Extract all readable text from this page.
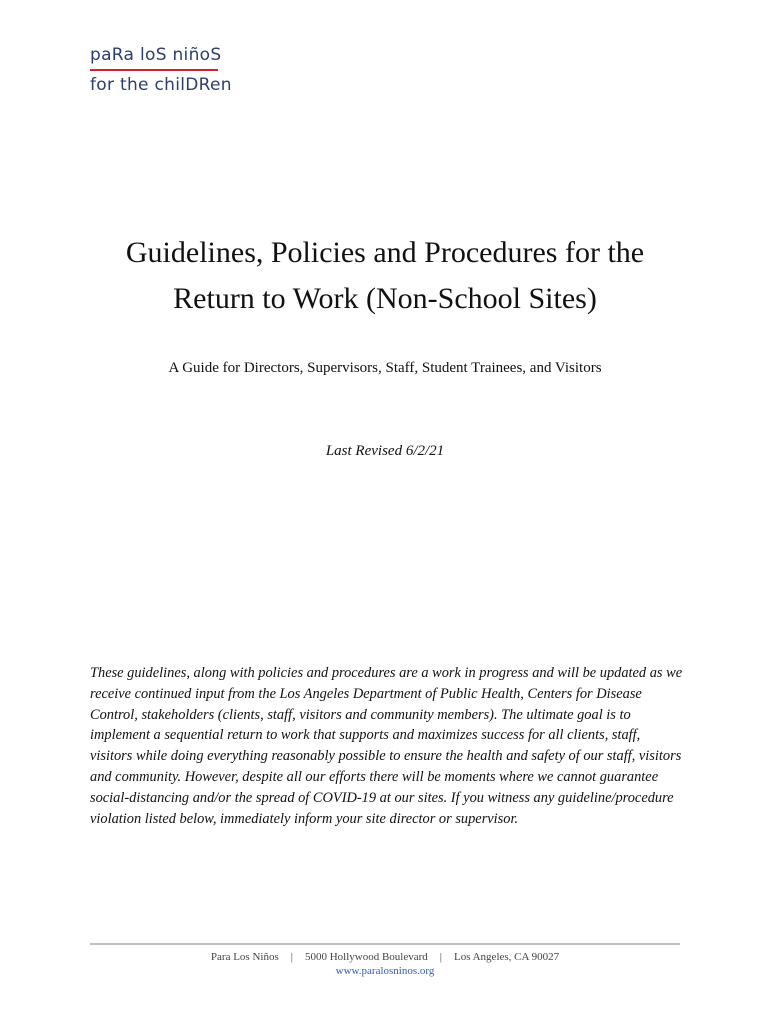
paRa loS niñoS
for the chilDRen
Guidelines, Policies and Procedures for the
Return to Work (Non-School Sites)

A Guide for Directors, Supervisors, Staff, Student Trainees, and Visitors

Last Revised 6/2/21

These guidelines, along with policies and procedures are a work in progress and will be updated as we receive continued input from the Los Angeles Department of Public Health, Centers for Disease Control, stakeholders (clients, staff, visitors and community members). The ultimate goal is to implement a sequential return to work that supports and maximizes success for all clients, staff, visitors while doing everything reasonably possible to ensure the health and safety of our staff, visitors and community. However, despite all our efforts there will be moments where we cannot guarantee social-distancing and/or the spread of COVID-19 at our sites. If you witness any guideline/procedure violation listed below, immediately inform your site director or supervisor.

Para Los Niños | 5000 Hollywood Boulevard | Los Angeles, CA 90027
www.paralosninos.org
